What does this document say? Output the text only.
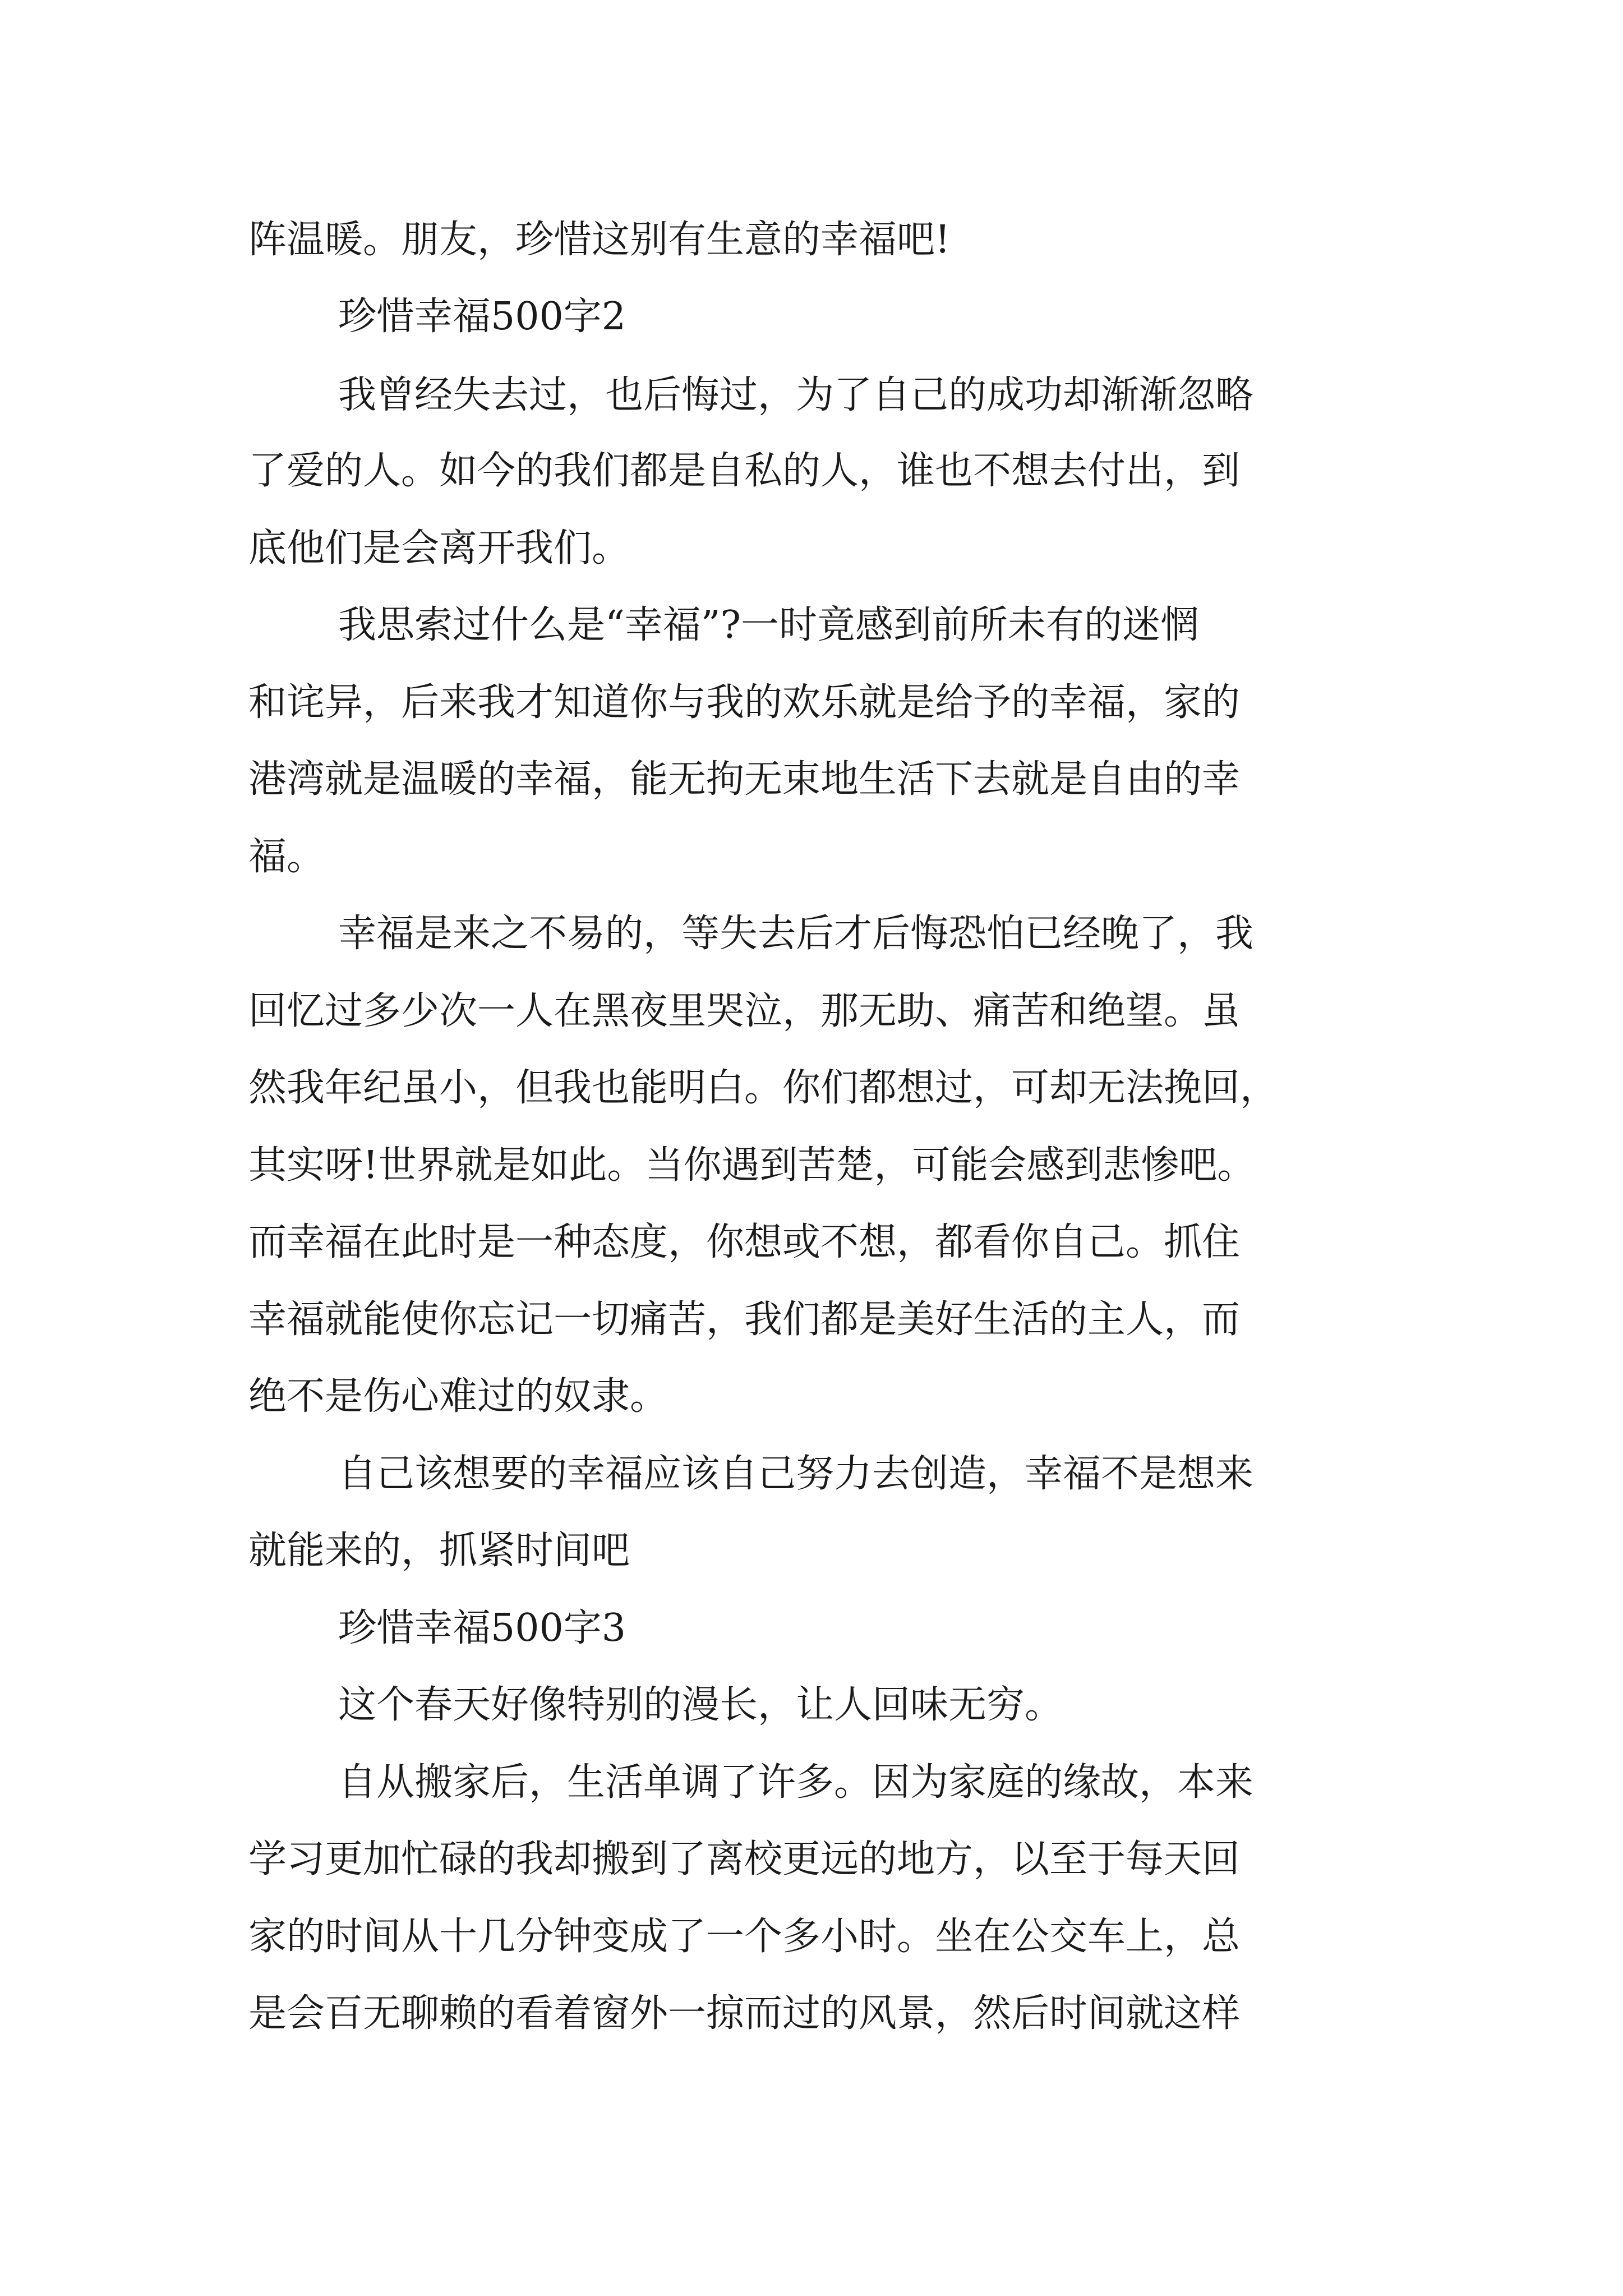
阵温暖。朋友，珍惜这别有生意的幸福吧!
珍惜幸福500字2
我曾经失去过，也后悔过，为了自己的成功却渐渐忽略
了爱的人。如今的我们都是自私的人，谁也不想去付出，到
底他们是会离开我们。
我思索过什么是“幸福”?一时竟感到前所未有的迷惘
和诧异，后来我才知道你与我的欢乐就是给予的幸福，家的
港湾就是温暖的幸福，能无拘无束地生活下去就是自由的幸
福。
幸福是来之不易的，等失去后才后悔恐怕已经晚了，我
回忆过多少次一人在黑夜里哭泣，那无助、痛苦和绝望。虽
然我年纪虽小，但我也能明白。你们都想过，可却无法挽回，
其实呀!世界就是如此。当你遇到苦楚，可能会感到悲惨吧。
而幸福在此时是一种态度，你想或不想，都看你自己。抓住
幸福就能使你忘记一切痛苦，我们都是美好生活的主人，而
绝不是伤心难过的奴隶。
自己该想要的幸福应该自己努力去创造，幸福不是想来
就能来的，抓紧时间吧
珍惜幸福500字3
这个春天好像特别的漫长，让人回味无穷。
自从搬家后，生活单调了许多。因为家庭的缘故，本来
学习更加忙碌的我却搬到了离校更远的地方，以至于每天回
家的时间从十几分钟变成了一个多小时。坐在公交车上，总
是会百无聊赖的看着窗外一掠而过的风景，然后时间就这样
